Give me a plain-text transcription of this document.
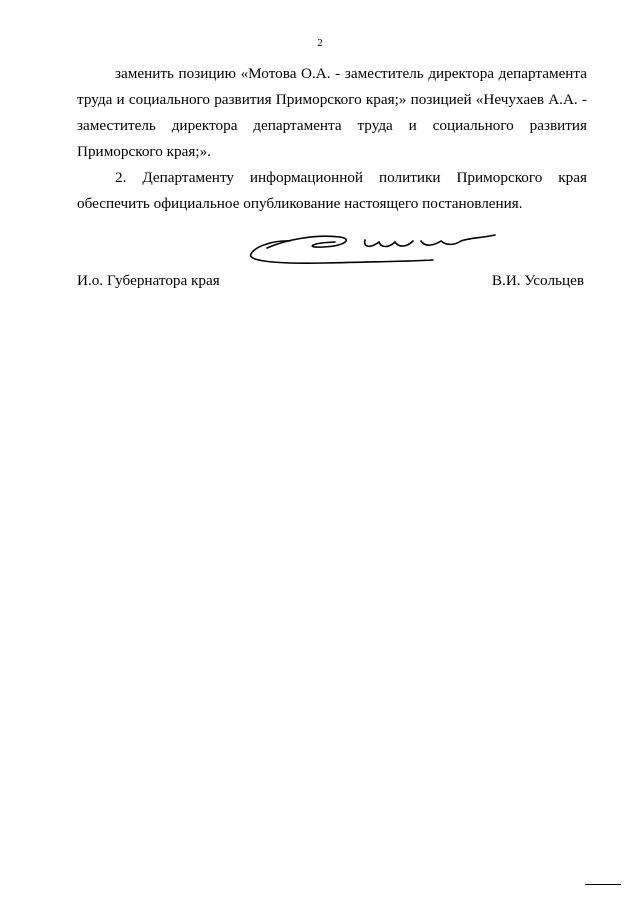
2

заменить позицию «Мотова О.А. - заместитель директора департамента труда и социального развития Приморского края;» позицией «Нечухаев А.А. - заместитель директора департамента труда и социального развития Приморского края;».

2. Департаменту информационной политики Приморского края обеспечить официальное опубликование настоящего постановления.

И.о. Губернатора края	В.И. Усольцев
